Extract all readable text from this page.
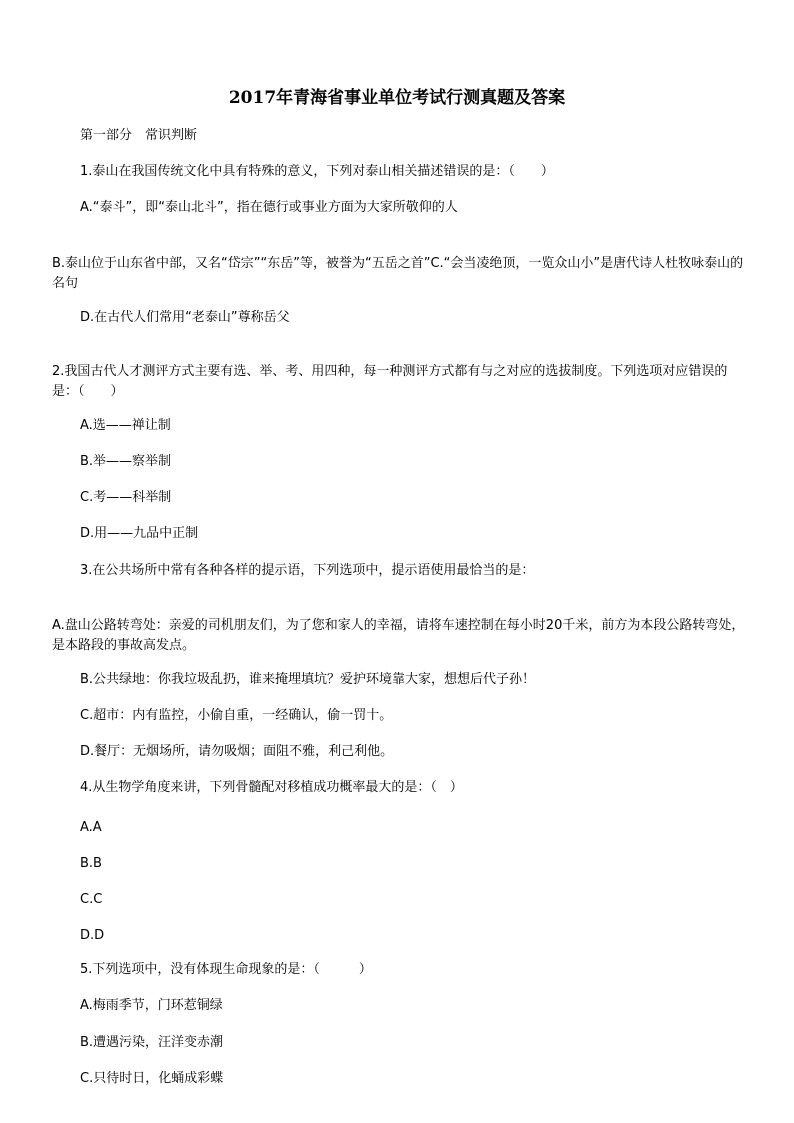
2017年青海省事业单位考试行测真题及答案
第一部分　常识判断
1.泰山在我国传统文化中具有特殊的意义，下列对泰山相关描述错误的是：（　　）
A.“泰斗”，即“泰山北斗”，指在德行或事业方面为大家所敬仰的人
B.泰山位于山东省中部，又名“岱宗”“东岳”等，被誉为“五岳之首”C.“会当凌绝顶，一览众山小”是唐代诗人杜牧咏泰山的名句
D.在古代人们常用“老泰山”尊称岳父
2.我国古代人才测评方式主要有选、举、考、用四种，每一种测评方式都有与之对应的选拔制度。下列选项对应错误的是：（　　）
A.选——禅让制
B.举——察举制
C.考——科举制
D.用——九品中正制
3.在公共场所中常有各种各样的提示语，下列选项中，提示语使用最恰当的是：
A.盘山公路转弯处：亲爱的司机朋友们，为了您和家人的幸福，请将车速控制在每小时20千米，前方为本段公路转弯处，是本路段的事故高发点。
B.公共绿地：你我垃圾乱扔，谁来掩埋填坑？爱护环境靠大家，想想后代子孙！
C.超市：内有监控，小偷自重，一经确认，偷一罚十。
D.餐厅：无烟场所，请勿吸烟；面阻不雅，利己利他。
4.从生物学角度来讲，下列骨髓配对移植成功概率最大的是：（　）
A.A
B.B
C.C
D.D
5.下列选项中，没有体现生命现象的是：（　　　）
A.梅雨季节，门环惹铜绿
B.遭遇污染，汪洋变赤潮
C.只待时日，化蛹成彩蝶
